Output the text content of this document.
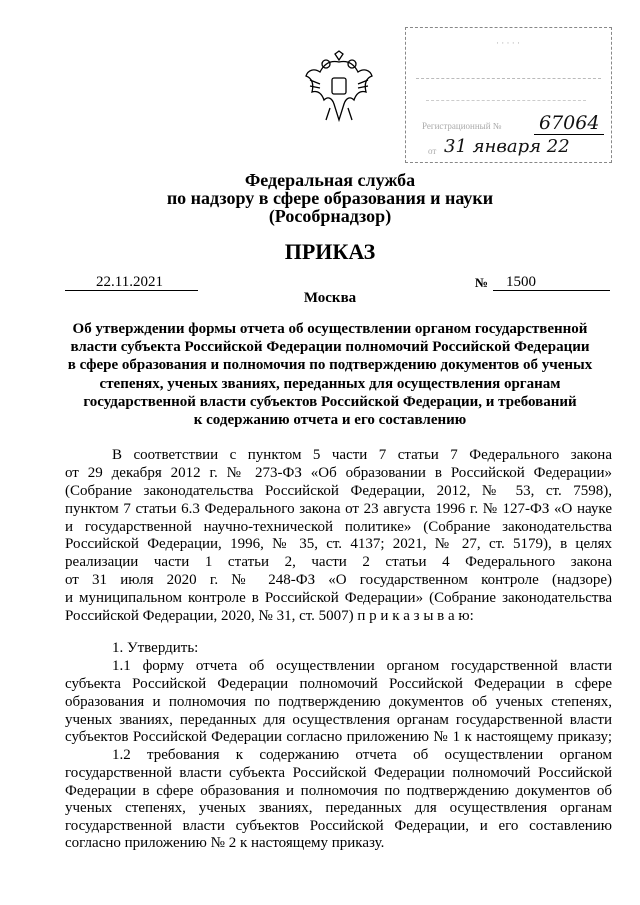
· · · · ·
Регистрационный № 67064
от 31 января 22
Федеральная служба
по надзору в сфере образования и науки
(Рособрнадзор)
ПРИКАЗ
22.11.2021	№ 1500
Москва
Об утверждении формы отчета об осуществлении органом государственной
власти субъекта Российской Федерации полномочий Российской Федерации
в сфере образования и полномочия по подтверждению документов об ученых
степенях, ученых званиях, переданных для осуществления органам
государственной власти субъектов Российской Федерации, и требований
к содержанию отчета и его составлению
В соответствии с пунктом 5 части 7 статьи 7 Федерального закона
от 29 декабря 2012 г. № 273-ФЗ «Об образовании в Российской Федерации»
(Собрание законодательства Российской Федерации, 2012, № 53, ст. 7598),
пунктом 7 статьи 6.3 Федерального закона от 23 августа 1996 г. № 127-ФЗ «О науке
и государственной научно-технической политике» (Собрание законодательства
Российской Федерации, 1996, № 35, ст. 4137; 2021, № 27, ст. 5179), в целях
реализации части 1 статьи 2, части 2 статьи 4 Федерального закона
от 31 июля 2020 г. № 248-ФЗ «О государственном контроле (надзоре)
и муниципальном контроле в Российской Федерации» (Собрание законодательства
Российской Федерации, 2020, № 31, ст. 5007) п р и к а з ы в а ю:
1. Утвердить:
1.1 форму отчета об осуществлении органом государственной власти
субъекта Российской Федерации полномочий Российской Федерации в сфере
образования и полномочия по подтверждению документов об ученых степенях,
ученых званиях, переданных для осуществления органам государственной власти
субъектов Российской Федерации согласно приложению № 1 к настоящему приказу;
1.2 требования к содержанию отчета об осуществлении органом
государственной власти субъекта Российской Федерации полномочий Российской
Федерации в сфере образования и полномочия по подтверждению документов об
ученых степенях, ученых званиях, переданных для осуществления органам
государственной власти субъектов Российской Федерации, и его составлению
согласно приложению № 2 к настоящему приказу.
